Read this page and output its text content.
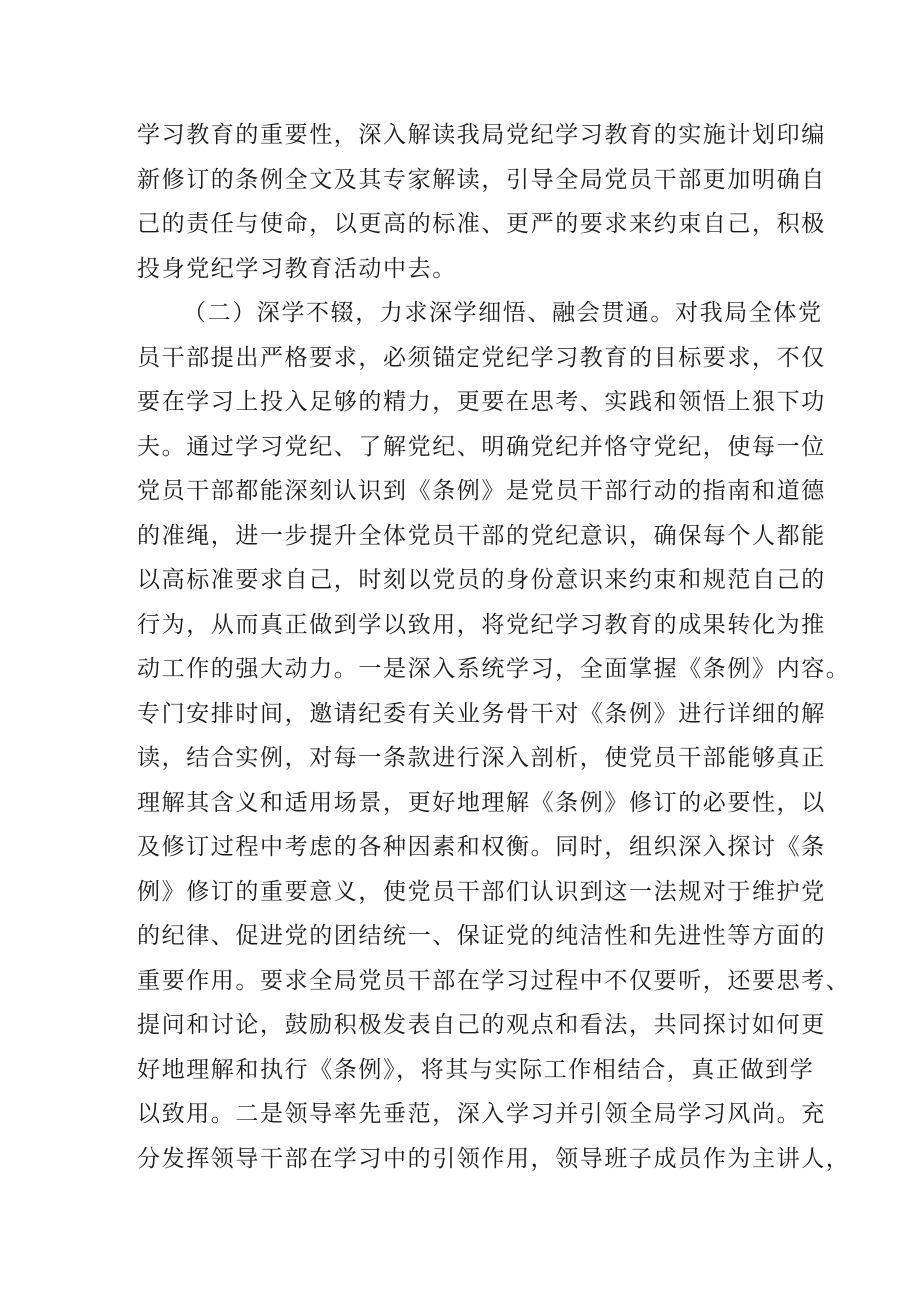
学习教育的重要性，深入解读我局党纪学习教育的实施计划印编
新修订的条例全文及其专家解读，引导全局党员干部更加明确自
己的责任与使命，以更高的标准、更严的要求来约束自己，积极
投身党纪学习教育活动中去。
（二）深学不辍，力求深学细悟、融会贯通。对我局全体党
员干部提出严格要求，必须锚定党纪学习教育的目标要求，不仅
要在学习上投入足够的精力，更要在思考、实践和领悟上狠下功
夫。通过学习党纪、了解党纪、明确党纪并恪守党纪，使每一位
党员干部都能深刻认识到《条例》是党员干部行动的指南和道德
的准绳，进一步提升全体党员干部的党纪意识，确保每个人都能
以高标准要求自己，时刻以党员的身份意识来约束和规范自己的
行为，从而真正做到学以致用，将党纪学习教育的成果转化为推
动工作的强大动力。一是深入系统学习，全面掌握《条例》内容。
专门安排时间，邀请纪委有关业务骨干对《条例》进行详细的解
读，结合实例，对每一条款进行深入剖析，使党员干部能够真正
理解其含义和适用场景，更好地理解《条例》修订的必要性，以
及修订过程中考虑的各种因素和权衡。同时，组织深入探讨《条
例》修订的重要意义，使党员干部们认识到这一法规对于维护党
的纪律、促进党的团结统一、保证党的纯洁性和先进性等方面的
重要作用。要求全局党员干部在学习过程中不仅要听，还要思考、
提问和讨论，鼓励积极发表自己的观点和看法，共同探讨如何更
好地理解和执行《条例》，将其与实际工作相结合，真正做到学
以致用。二是领导率先垂范，深入学习并引领全局学习风尚。充
分发挥领导干部在学习中的引领作用，领导班子成员作为主讲人，
